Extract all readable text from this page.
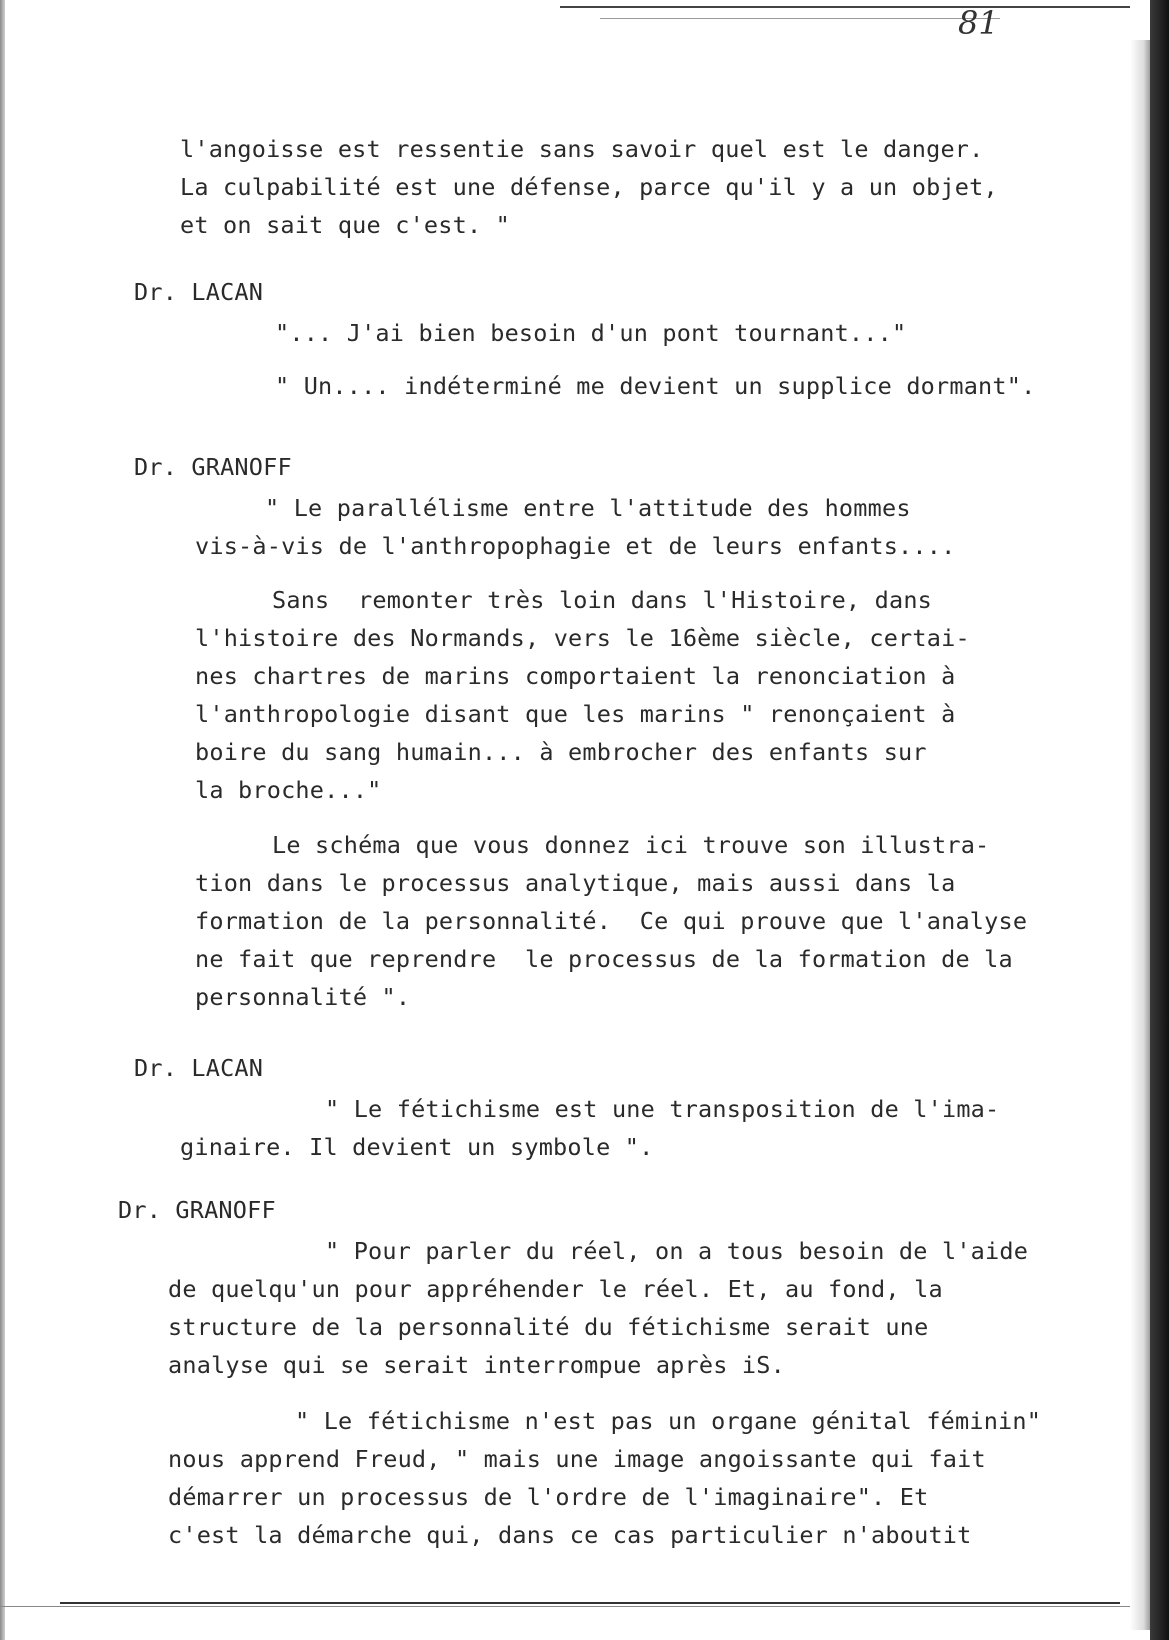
81
l'angoisse est ressentie sans savoir quel est le danger.
La culpabilité est une défense, parce qu'il y a un objet,
et on sait que c'est. "
Dr. LACAN
"... J'ai bien besoin d'un pont tournant..."
" Un.... indéterminé me devient un supplice dormant".
Dr. GRANOFF
" Le parallélisme entre l'attitude des hommes
vis-à-vis de l'anthropophagie et de leurs enfants....
Sans  remonter très loin dans l'Histoire, dans
l'histoire des Normands, vers le 16ème siècle, certai-
nes chartres de marins comportaient la renonciation à
l'anthropologie disant que les marins " renonçaient à
boire du sang humain... à embrocher des enfants sur
la broche..."
Le schéma que vous donnez ici trouve son illustra-
tion dans le processus analytique, mais aussi dans la
formation de la personnalité.  Ce qui prouve que l'analyse
ne fait que reprendre  le processus de la formation de la
personnalité ".
Dr. LACAN
" Le fétichisme est une transposition de l'ima-
ginaire. Il devient un symbole ".
Dr. GRANOFF
" Pour parler du réel, on a tous besoin de l'aide
de quelqu'un pour appréhender le réel. Et, au fond, la
structure de la personnalité du fétichisme serait une
analyse qui se serait interrompue après iS.
" Le fétichisme n'est pas un organe génital féminin"
nous apprend Freud, " mais une image angoissante qui fait
démarrer un processus de l'ordre de l'imaginaire". Et
c'est la démarche qui, dans ce cas particulier n'aboutit
